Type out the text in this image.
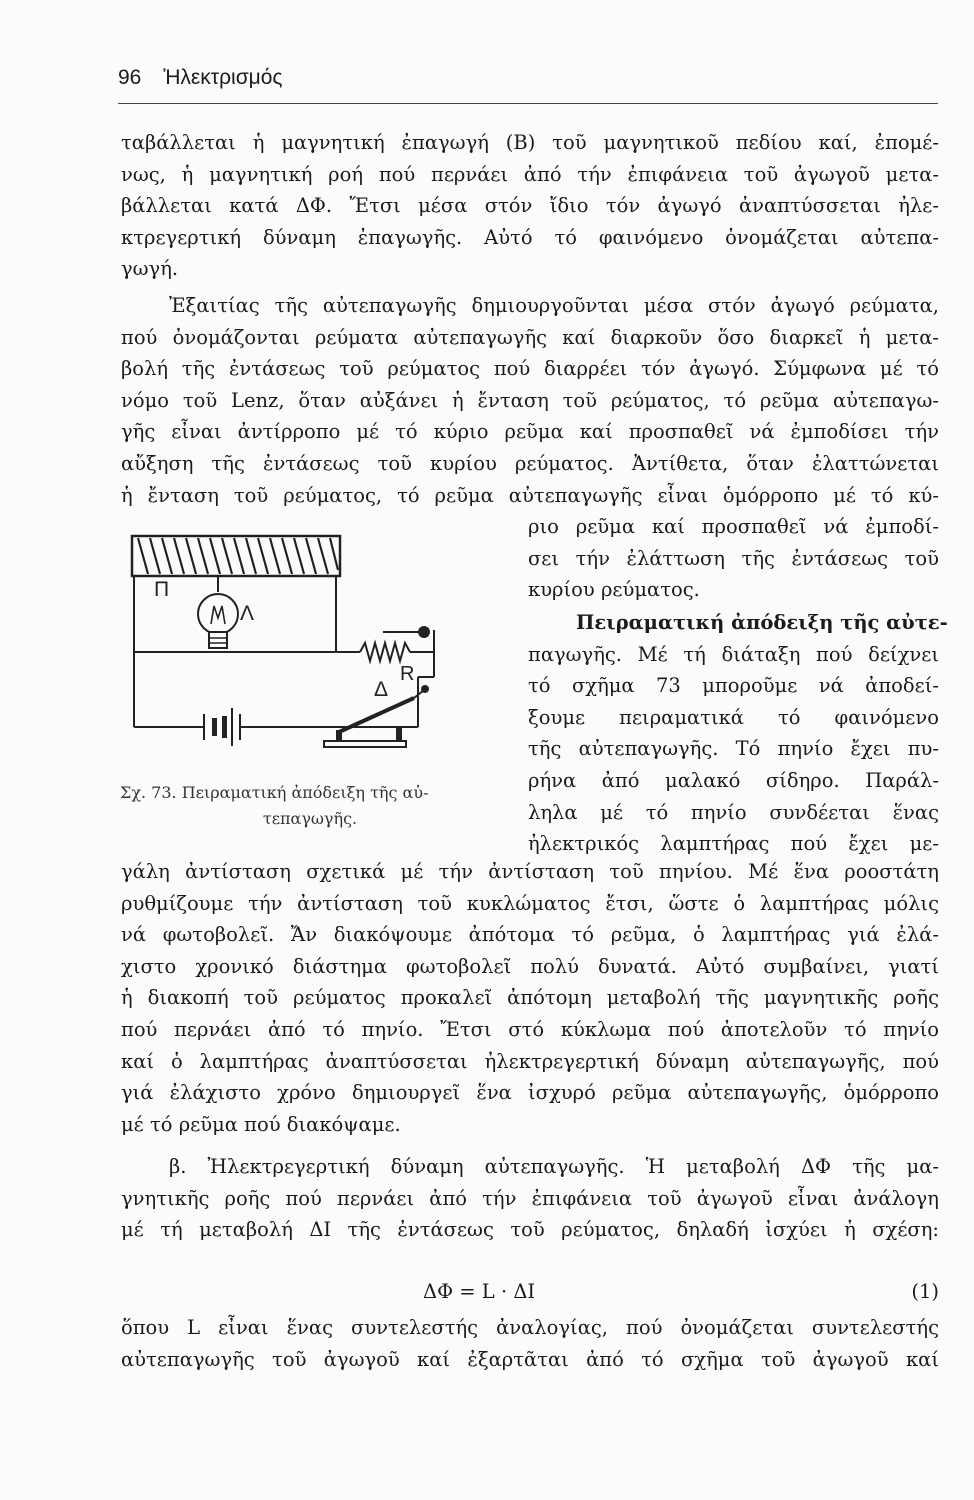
96 Ἠλεκτρισμός
ταβάλλεται ἡ μαγνητική ἐπαγωγή (Β) τοῦ μαγνητικοῦ πεδίου καί, ἐπομέ-
νως, ἡ μαγνητική ροή πού περνάει ἀπό τήν ἐπιφάνεια τοῦ ἀγωγοῦ μετα-
βάλλεται κατά ΔΦ. Ἔτσι μέσα στόν ἴδιο τόν ἀγωγό ἀναπτύσσεται ἠλε-
κτρεγερτική δύναμη ἐπαγωγῆς. Αὐτό τό φαινόμενο ὀνομάζεται αὐτεπα-
γωγή.
Ἐξαιτίας τῆς αὐτεπαγωγῆς δημιουργοῦνται μέσα στόν ἀγωγό ρεύματα,
πού ὀνομάζονται ρεύματα αὐτεπαγωγῆς καί διαρκοῦν ὅσο διαρκεῖ ἡ μετα-
βολή τῆς ἐντάσεως τοῦ ρεύματος πού διαρρέει τόν ἀγωγό. Σύμφωνα μέ τό
νόμο τοῦ Lenz, ὅταν αὐξάνει ἡ ἔνταση τοῦ ρεύματος, τό ρεῦμα αὐτεπαγω-
γῆς εἶναι ἀντίρροπο μέ τό κύριο ρεῦμα καί προσπαθεῖ νά ἐμποδίσει τήν
αὔξηση τῆς ἐντάσεως τοῦ κυρίου ρεύματος. Ἀντίθετα, ὅταν ἐλαττώνεται
ἡ ἔνταση τοῦ ρεύματος, τό ρεῦμα αὐτεπαγωγῆς εἶναι ὁμόρροπο μέ τό κύ-
ριο ρεῦμα καί προσπαθεῖ νά ἐμποδί-
σει τήν ἐλάττωση τῆς ἐντάσεως τοῦ
κυρίου ρεύματος.
Πειραματική ἀπόδειξη τῆς αὐτε-
παγωγῆς. Μέ τή διάταξη πού δείχνει
τό σχῆμα 73 μποροῦμε νά ἀποδεί-
ξουμε πειραματικά τό φαινόμενο
τῆς αὐτεπαγωγῆς. Τό πηνίο ἔχει πυ-
ρήνα ἀπό μαλακό σίδηρο. Παράλ-
ληλα μέ τό πηνίο συνδέεται ἕνας
ἠλεκτρικός λαμπτήρας πού ἔχει με-
Π
Λ
R
Δ
Σχ. 73. Πειραματική ἀπόδειξη τῆς αὐ-
τεπαγωγῆς.
γάλη ἀντίσταση σχετικά μέ τήν ἀντίσταση τοῦ πηνίου. Μέ ἕνα ροοστάτη
ρυθμίζουμε τήν ἀντίσταση τοῦ κυκλώματος ἔτσι, ὥστε ὁ λαμπτήρας μόλις
νά φωτοβολεῖ. Ἄν διακόψουμε ἀπότομα τό ρεῦμα, ὁ λαμπτήρας γιά ἐλά-
χιστο χρονικό διάστημα φωτοβολεῖ πολύ δυνατά. Αὐτό συμβαίνει, γιατί
ἡ διακοπή τοῦ ρεύματος προκαλεῖ ἀπότομη μεταβολή τῆς μαγνητικῆς ροῆς
πού περνάει ἀπό τό πηνίο. Ἔτσι στό κύκλωμα πού ἀποτελοῦν τό πηνίο
καί ὁ λαμπτήρας ἀναπτύσσεται ἠλεκτρεγερτική δύναμη αὐτεπαγωγῆς, πού
γιά ἐλάχιστο χρόνο δημιουργεῖ ἕνα ἰσχυρό ρεῦμα αὐτεπαγωγῆς, ὁμόρροπο
μέ τό ρεῦμα πού διακόψαμε.
β. Ἠλεκτρεγερτική δύναμη αὐτεπαγωγῆς. Ἡ μεταβολή ΔΦ τῆς μα-
γνητικῆς ροῆς πού περνάει ἀπό τήν ἐπιφάνεια τοῦ ἀγωγοῦ εἶναι ἀνάλογη
μέ τή μεταβολή ΔΙ τῆς ἐντάσεως τοῦ ρεύματος, δηλαδή ἰσχύει ἡ σχέση:
ΔΦ = L · ΔΙ	(1)
ὅπου L εἶναι ἕνας συντελεστής ἀναλογίας, πού ὀνομάζεται συντελεστής
αὐτεπαγωγῆς τοῦ ἀγωγοῦ καί ἐξαρτᾶται ἀπό τό σχῆμα τοῦ ἀγωγοῦ καί
